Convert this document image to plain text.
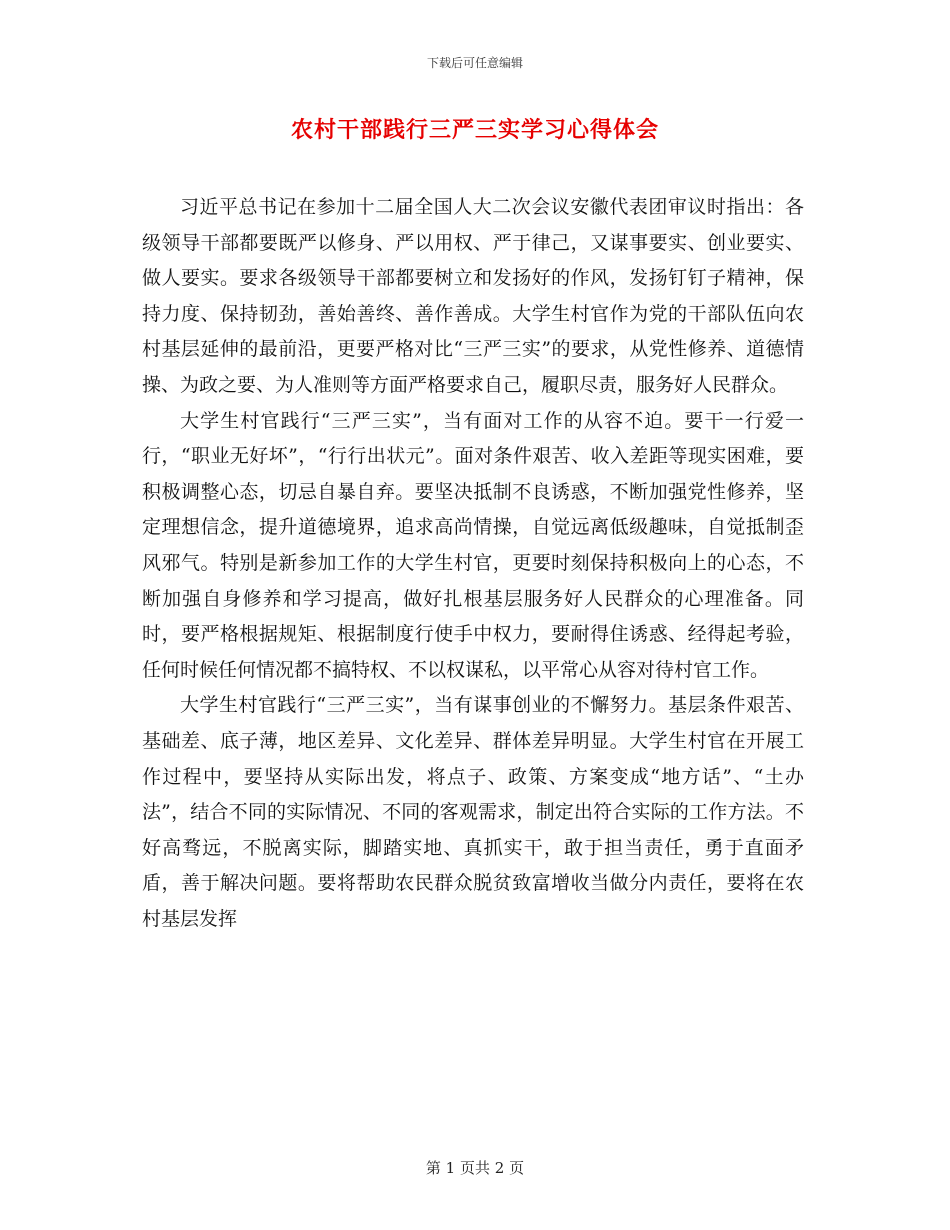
下载后可任意编辑
农村干部践行三严三实学习心得体会

习近平总书记在参加十二届全国人大二次会议安徽代表团审议时指出：各级领导干部都要既严以修身、严以用权、严于律己，又谋事要实、创业要实、做人要实。要求各级领导干部都要树立和发扬好的作风，发扬钉钉子精神，保持力度、保持韧劲，善始善终、善作善成。大学生村官作为党的干部队伍向农村基层延伸的最前沿，更要严格对比“三严三实”的要求，从党性修养、道德情操、为政之要、为人准则等方面严格要求自己，履职尽责，服务好人民群众。

大学生村官践行“三严三实”，当有面对工作的从容不迫。要干一行爱一行，“职业无好坏”，“行行出状元”。面对条件艰苦、收入差距等现实困难，要积极调整心态，切忌自暴自弃。要坚决抵制不良诱惑，不断加强党性修养，坚定理想信念，提升道德境界，追求高尚情操，自觉远离低级趣味，自觉抵制歪风邪气。特别是新参加工作的大学生村官，更要时刻保持积极向上的心态，不断加强自身修养和学习提高，做好扎根基层服务好人民群众的心理准备。同时，要严格根据规矩、根据制度行使手中权力，要耐得住诱惑、经得起考验，任何时候任何情况都不搞特权、不以权谋私，以平常心从容对待村官工作。

大学生村官践行“三严三实”，当有谋事创业的不懈努力。基层条件艰苦、基础差、底子薄，地区差异、文化差异、群体差异明显。大学生村官在开展工作过程中，要坚持从实际出发，将点子、政策、方案变成“地方话”、“土办法”，结合不同的实际情况、不同的客观需求，制定出符合实际的工作方法。不好高骛远，不脱离实际，脚踏实地、真抓实干，敢于担当责任，勇于直面矛盾，善于解决问题。要将帮助农民群众脱贫致富增收当做分内责任，要将在农村基层发挥

第 1 页共 2 页
